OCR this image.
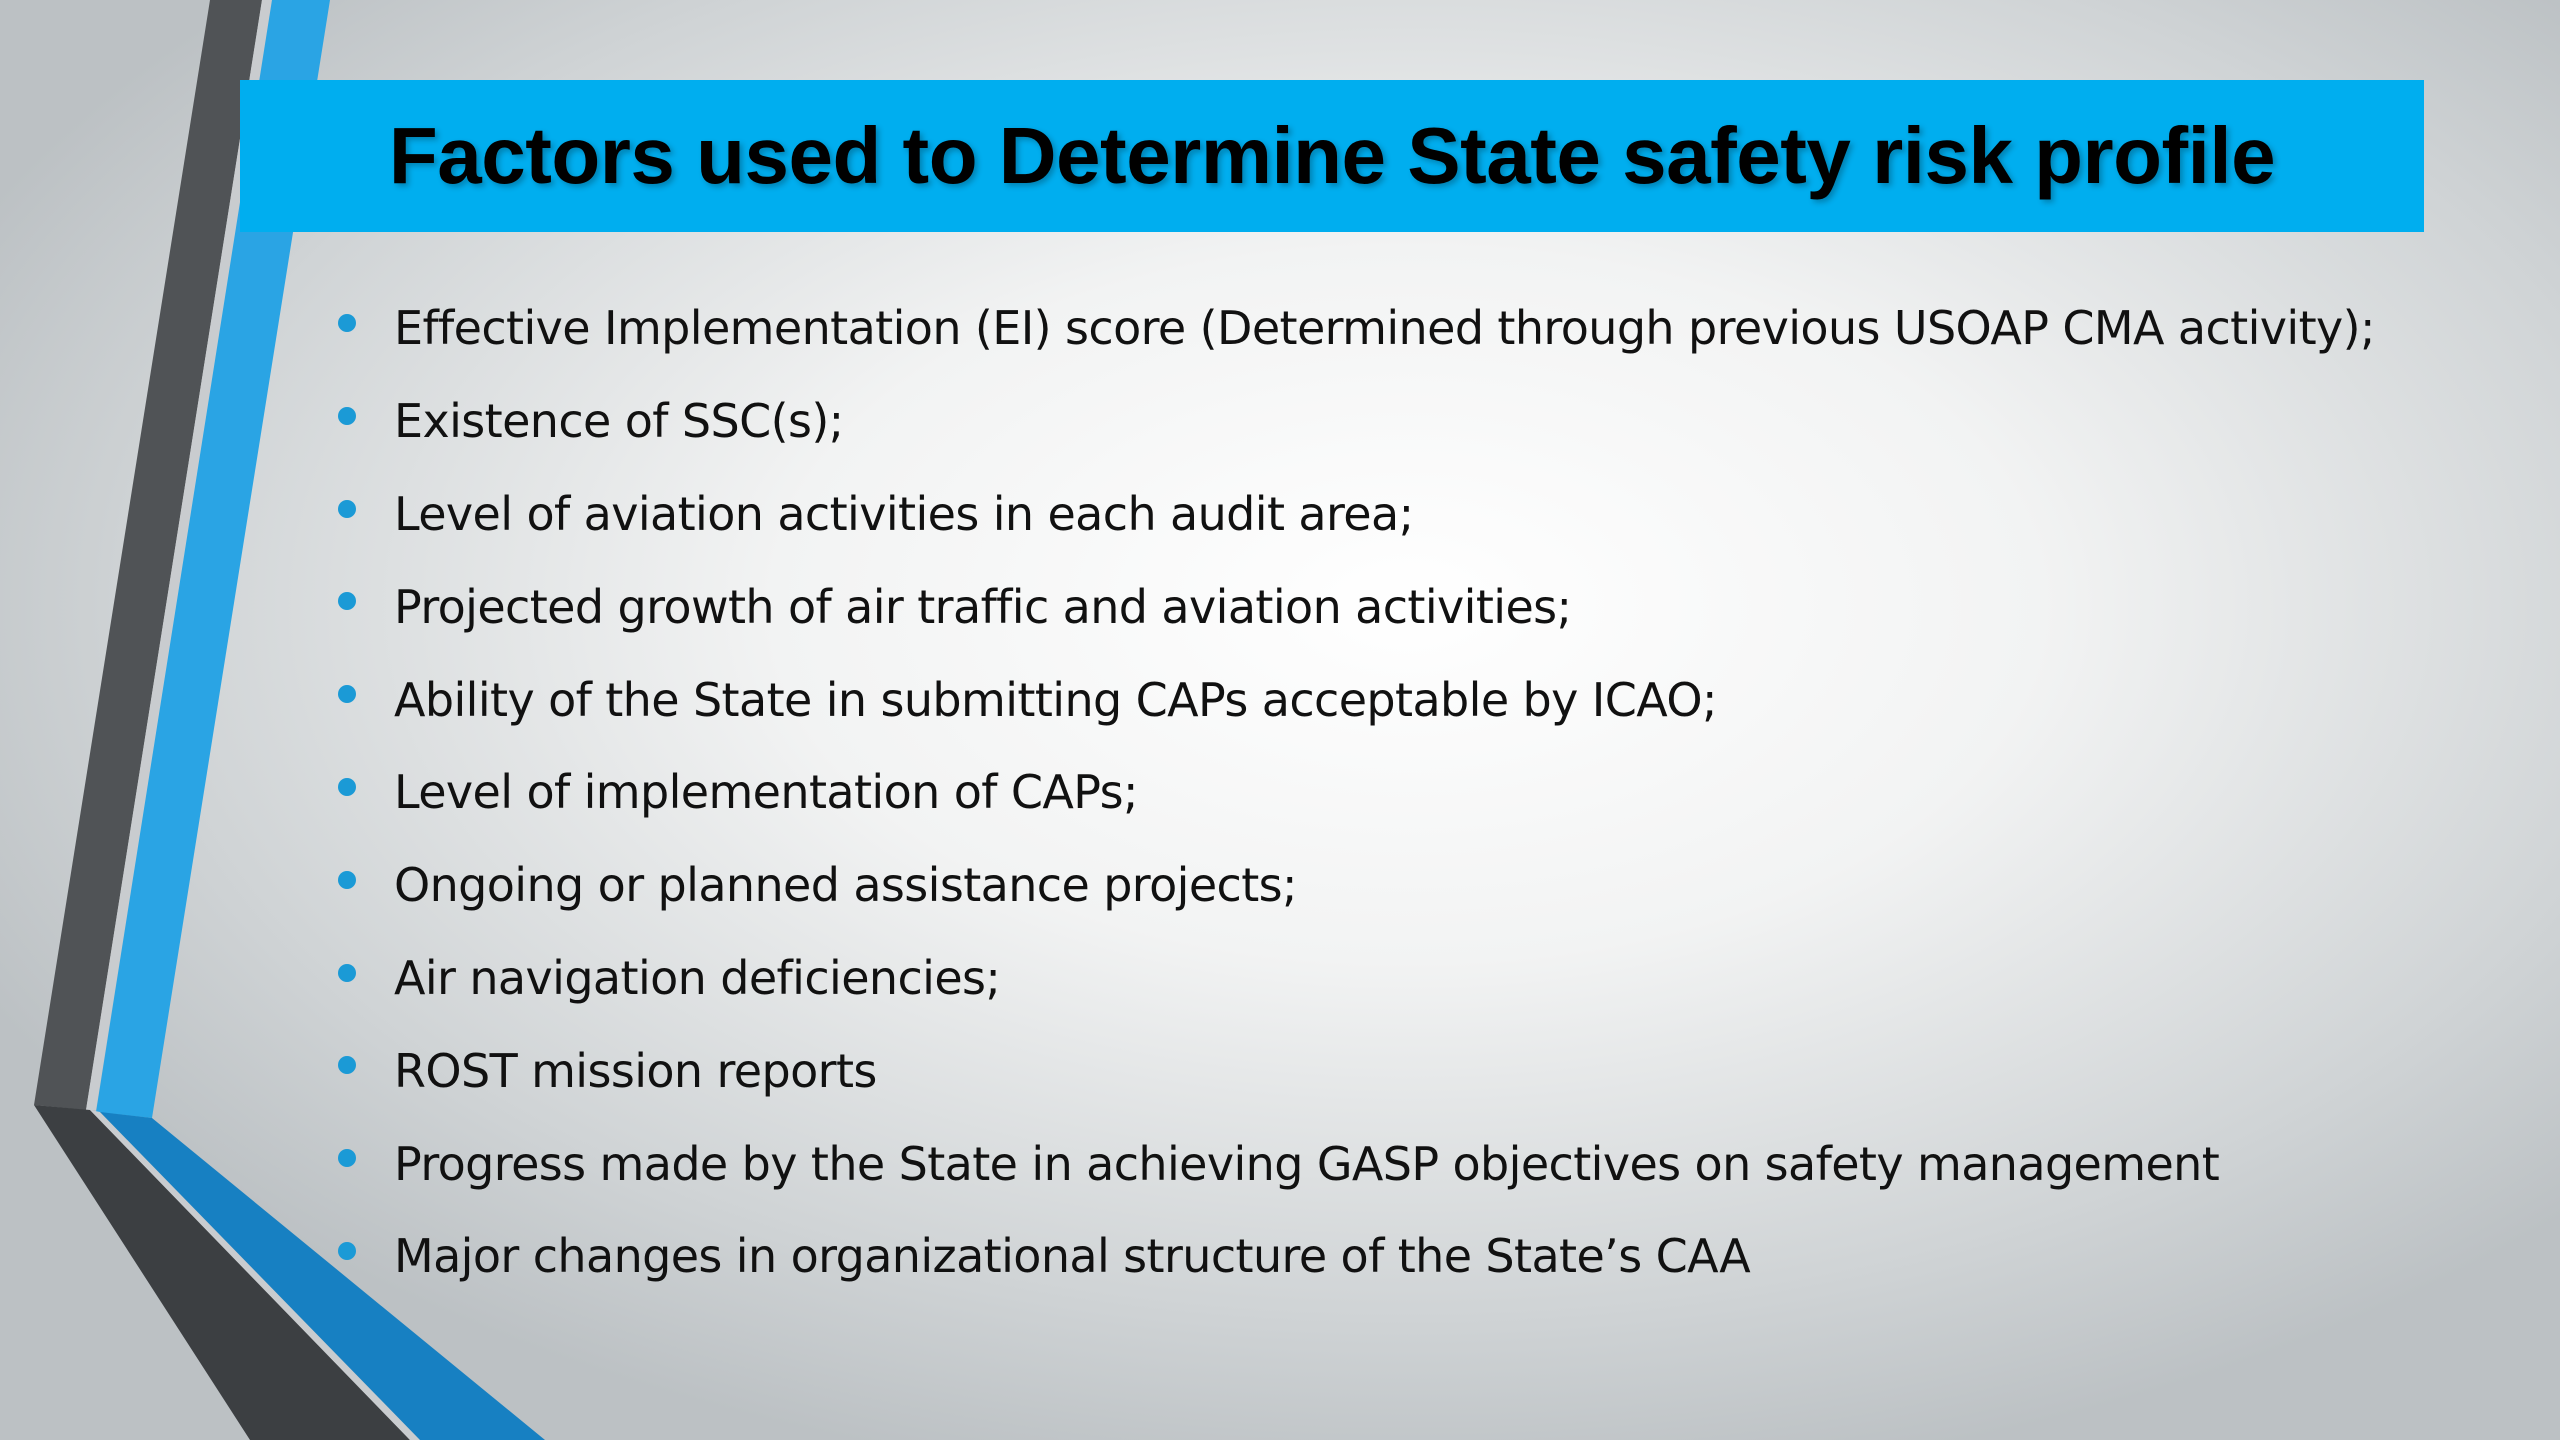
Factors used to Determine State safety risk profile
Effective Implementation (EI) score (Determined through previous USOAP CMA activity);
Existence of SSC(s);
Level of aviation activities in each audit area;
Projected growth of air traffic and aviation activities;
Ability of the State in submitting CAPs acceptable by ICAO;
Level of implementation of CAPs;
Ongoing or planned assistance projects;
Air navigation deficiencies;
ROST mission reports
Progress made by the State in achieving GASP objectives on safety management
Major changes in organizational structure of the State’s CAA
